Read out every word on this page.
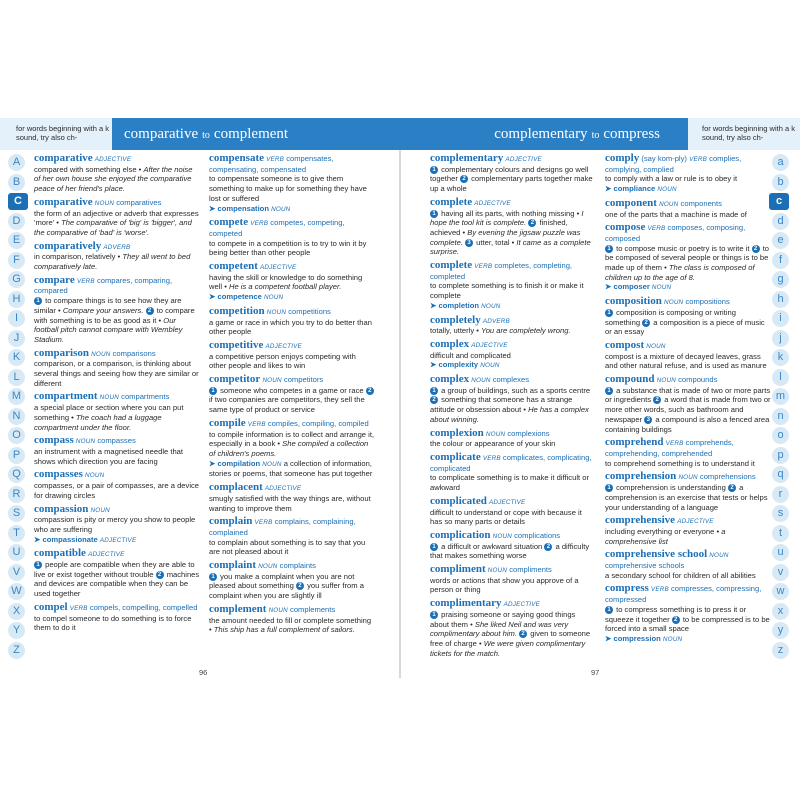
for words beginning with a k sound, try also ch-
for words beginning with a k sound, try also ch-
comparative to complement	complementary to compress
A
B
C
D
E
F
G
H
I
J
K
L
M
N
O
P
Q
R
S
T
U
V
W
X
Y
Z
a
b
c
d
e
f
g
h
i
j
k
l
m
n
o
p
q
r
s
t
u
v
w
x
y
z
comparative ADJECTIVE
compared with something else • After the noise of her own house she enjoyed the comparative peace of her friend's place.
comparative NOUN comparatives
the form of an adjective or adverb that expresses 'more' • The comparative of 'big' is 'bigger', and the comparative of 'bad' is 'worse'.
comparatively ADVERB
in comparison, relatively • They all went to bed comparatively late.
compare VERB compares, comparing, compared
1 to compare things is to see how they are similar • Compare your answers. 2 to compare with something is to be as good as it • Our football pitch cannot compare with Wembley Stadium.
comparison NOUN comparisons
comparison, or a comparison, is thinking about several things and seeing how they are similar or different
compartment NOUN compartments
a special place or section where you can put something • The coach had a luggage compartment under the floor.
compass NOUN compasses
an instrument with a magnetised needle that shows which direction you are facing
compasses NOUN
compasses, or a pair of compasses, are a device for drawing circles
compassion NOUN
compassion is pity or mercy you show to people who are suffering
➤ compassionate ADJECTIVE
compatible ADJECTIVE
1 people are compatible when they are able to live or exist together without trouble 2 machines and devices are compatible when they can be used together
compel VERB compels, compelling, compelled
to compel someone to do something is to force them to do it
compensate VERB compensates, compensating, compensated
to compensate someone is to give them something to make up for something they have lost or suffered
➤ compensation NOUN
compete VERB competes, competing, competed
to compete in a competition is to try to win it by being better than other people
competent ADJECTIVE
having the skill or knowledge to do something well • He is a competent football player.
➤ competence NOUN
competition NOUN competitions
a game or race in which you try to do better than other people
competitive ADJECTIVE
a competitive person enjoys competing with other people and likes to win
competitor NOUN competitors
1 someone who competes in a game or race 2 if two companies are competitors, they sell the same type of product or service
compile VERB compiles, compiling, compiled
to compile information is to collect and arrange it, especially in a book • She compiled a collection of children's poems.
➤ compilation NOUN a collection of information, stories or poems, that someone has put together
complacent ADJECTIVE
smugly satisfied with the way things are, without wanting to improve them
complain VERB complains, complaining, complained
to complain about something is to say that you are not pleased about it
complaint NOUN complaints
1 you make a complaint when you are not pleased about something 2 you suffer from a complaint when you are slightly ill
complement NOUN complements
the amount needed to fill or complete something • This ship has a full complement of sailors.
complementary ADJECTIVE
1 complementary colours and designs go well together 2 complementary parts together make up a whole
complete ADJECTIVE
1 having all its parts, with nothing missing • I hope the tool kit is complete. 2 finished, achieved • By evening the jigsaw puzzle was complete. 3 utter, total • It came as a complete surprise.
complete VERB completes, completing, completed
to complete something is to finish it or make it complete
➤ completion NOUN
completely ADVERB
totally, utterly • You are completely wrong.
complex ADJECTIVE
difficult and complicated
➤ complexity NOUN
complex NOUN complexes
1 a group of buildings, such as a sports centre 2 something that someone has a strange attitude or obsession about • He has a complex about winning.
complexion NOUN complexions
the colour or appearance of your skin
complicate VERB complicates, complicating, complicated
to complicate something is to make it difficult or awkward
complicated ADJECTIVE
difficult to understand or cope with because it has so many parts or details
complication NOUN complications
1 a difficult or awkward situation 2 a difficulty that makes something worse
compliment NOUN compliments
words or actions that show you approve of a person or thing
complimentary ADJECTIVE
1 praising someone or saying good things about them • She liked Neil and was very complimentary about him. 2 given to someone free of charge • We were given complimentary tickets for the match.
comply (say kom-ply) VERB complies, complying, complied
to comply with a law or rule is to obey it
➤ compliance NOUN
component NOUN components
one of the parts that a machine is made of
compose VERB composes, composing, composed
1 to compose music or poetry is to write it 2 to be composed of several people or things is to be made up of them • The class is composed of children up to the age of 8.
➤ composer NOUN
composition NOUN compositions
1 composition is composing or writing something 2 a composition is a piece of music or an essay
compost NOUN
compost is a mixture of decayed leaves, grass and other natural refuse, and is used as manure
compound NOUN compounds
1 a substance that is made of two or more parts or ingredients 2 a word that is made from two or more other words, such as bathroom and newspaper 3 a compound is also a fenced area containing buildings
comprehend VERB comprehends, comprehending, comprehended
to comprehend something is to understand it
comprehension NOUN comprehensions
1 comprehension is understanding 2 a comprehension is an exercise that tests or helps your understanding of a language
comprehensive ADJECTIVE
including everything or everyone • a comprehensive list
comprehensive school NOUN comprehensive schools
a secondary school for children of all abilities
compress VERB compresses, compressing, compressed
1 to compress something is to press it or squeeze it together 2 to be compressed is to be forced into a small space
➤ compression NOUN
96	97
